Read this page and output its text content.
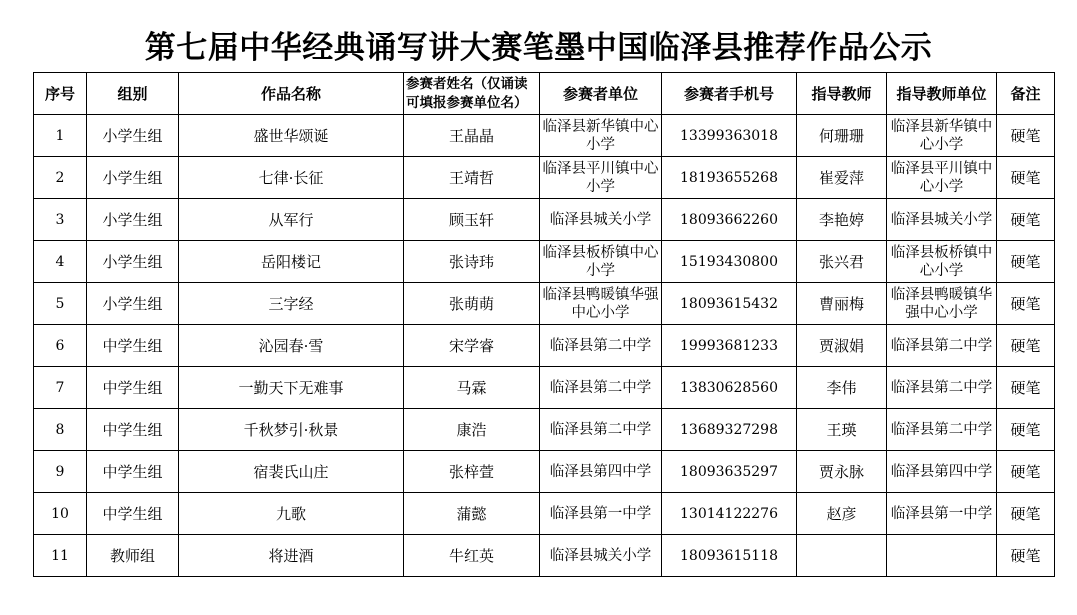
第七届中华经典诵写讲大赛笔墨中国临泽县推荐作品公示
序号	组别	作品名称	参赛者姓名（仅诵读可填报参赛单位名）	参赛者单位	参赛者手机号	指导教师	指导教师单位	备注
1	小学生组	盛世华颂诞	王晶晶	临泽县新华镇中心小学	13399363018	何珊珊	临泽县新华镇中心小学	硬笔
2	小学生组	七律·长征	王靖哲	临泽县平川镇中心小学	18193655268	崔爱萍	临泽县平川镇中心小学	硬笔
3	小学生组	从军行	顾玉轩	临泽县城关小学	18093662260	李艳婷	临泽县城关小学	硬笔
4	小学生组	岳阳楼记	张诗玮	临泽县板桥镇中心小学	15193430800	张兴君	临泽县板桥镇中心小学	硬笔
5	小学生组	三字经	张萌萌	临泽县鸭暖镇华强中心小学	18093615432	曹丽梅	临泽县鸭暖镇华强中心小学	硬笔
6	中学生组	沁园春·雪	宋学睿	临泽县第二中学	19993681233	贾淑娟	临泽县第二中学	硬笔
7	中学生组	一勤天下无难事	马霖	临泽县第二中学	13830628560	李伟	临泽县第二中学	硬笔
8	中学生组	千秋梦引·秋景	康浩	临泽县第二中学	13689327298	王瑛	临泽县第二中学	硬笔
9	中学生组	宿裴氏山庄	张梓萱	临泽县第四中学	18093635297	贾永脉	临泽县第四中学	硬笔
10	中学生组	九歌	蒲懿	临泽县第一中学	13014122276	赵彦	临泽县第一中学	硬笔
11	教师组	将进酒	牛红英	临泽县城关小学	18093615118			硬笔
